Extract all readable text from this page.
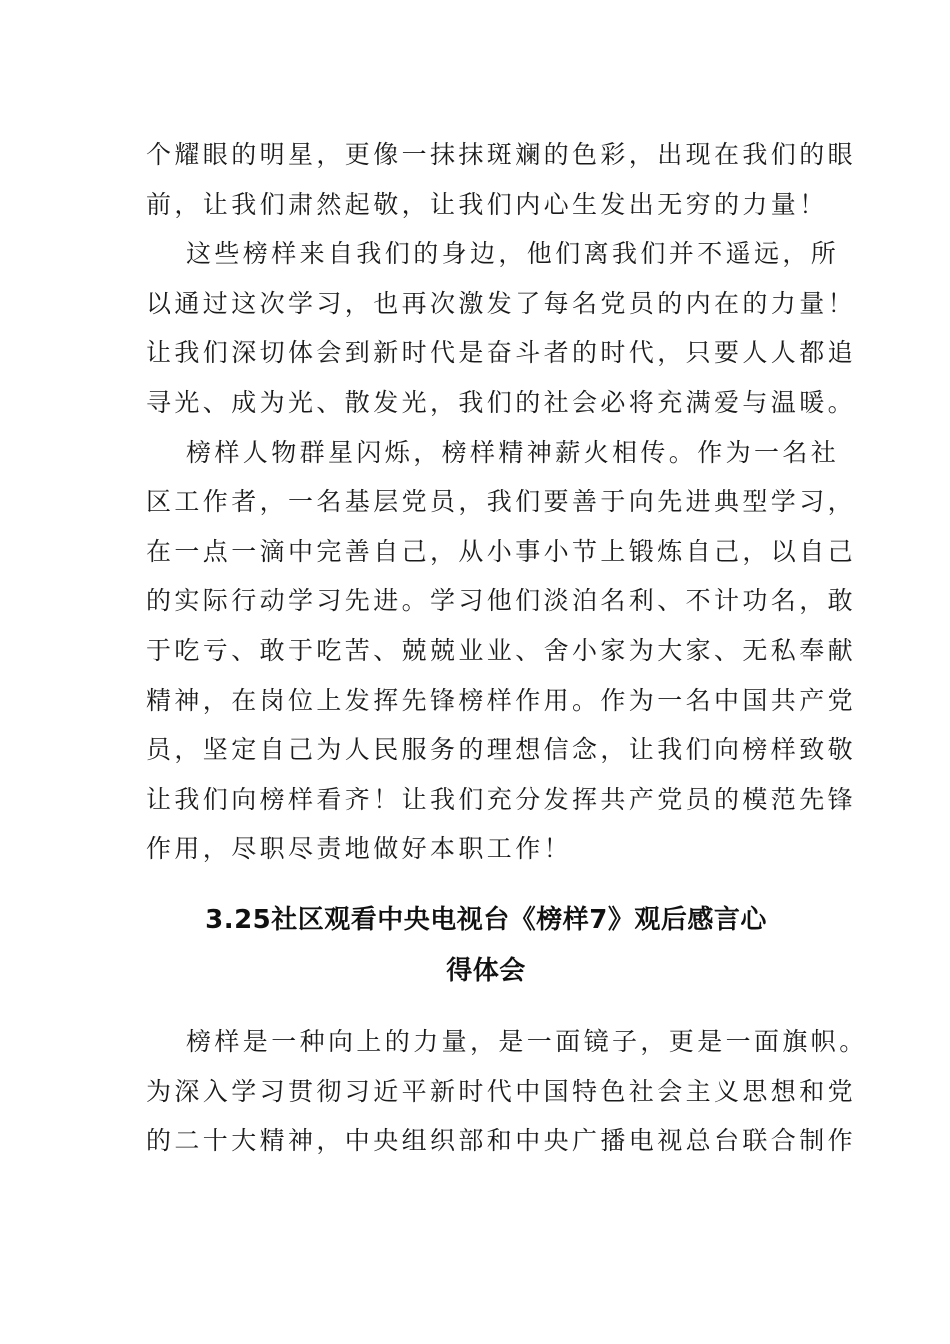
个耀眼的明星，更像一抹抹斑斓的色彩，出现在我们的眼
前，让我们肃然起敬，让我们内心生发出无穷的力量！
这些榜样来自我们的身边，他们离我们并不遥远，所
以通过这次学习，也再次激发了每名党员的内在的力量！
让我们深切体会到新时代是奋斗者的时代，只要人人都追
寻光、成为光、散发光，我们的社会必将充满爱与温暖。
榜样人物群星闪烁，榜样精神薪火相传。作为一名社
区工作者，一名基层党员，我们要善于向先进典型学习，
在一点一滴中完善自己，从小事小节上锻炼自己，以自己
的实际行动学习先进。学习他们淡泊名利、不计功名，敢
于吃亏、敢于吃苦、兢兢业业、舍小家为大家、无私奉献
精神，在岗位上发挥先锋榜样作用。作为一名中国共产党
员，坚定自己为人民服务的理想信念，让我们向榜样致敬
让我们向榜样看齐！让我们充分发挥共产党员的模范先锋
作用，尽职尽责地做好本职工作！
3.25社区观看中央电视台《榜样7》观后感言心
得体会
榜样是一种向上的力量，是一面镜子，更是一面旗帜。
为深入学习贯彻习近平新时代中国特色社会主义思想和党
的二十大精神，中央组织部和中央广播电视总台联合制作
